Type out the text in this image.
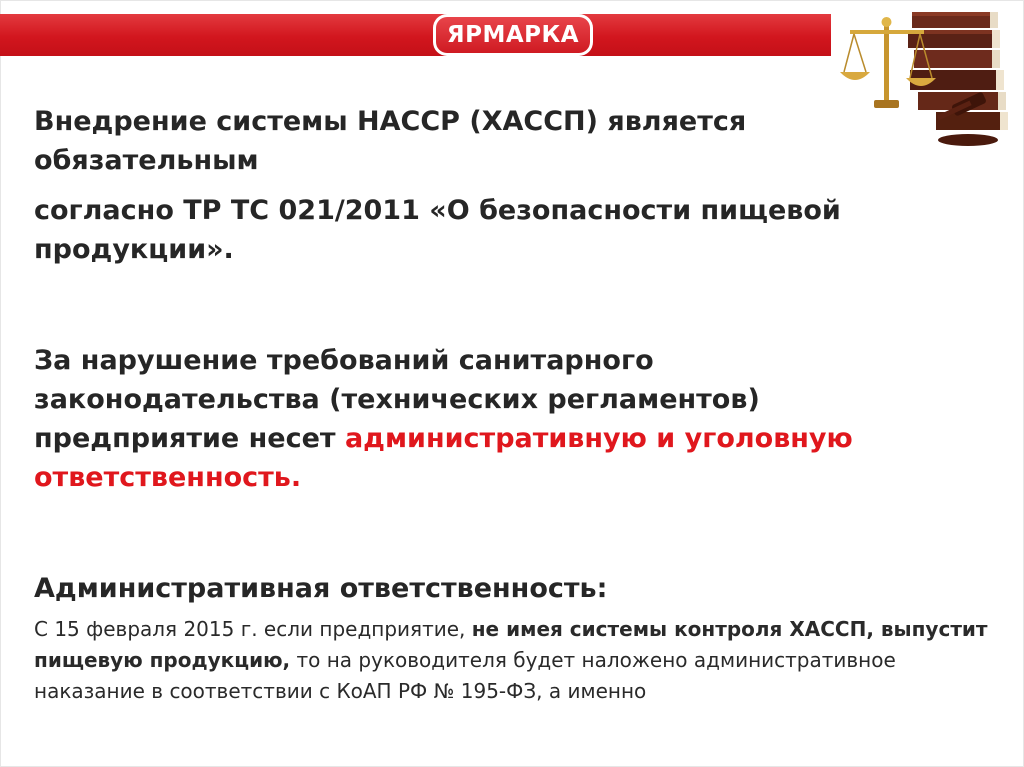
ЯРМАРКА

Внедрение системы НАССР (ХАССП) является
обязательным

согласно ТР ТС 021/2011 «О безопасности пищевой
продукции».

За нарушение требований санитарного
законодательства (технических регламентов)
предприятие несет административную и уголовную
ответственность.

Административная ответственность:

С 15 февраля 2015 г. если предприятие, не имея системы контроля ХАССП, выпустит пищевую продукцию, то на руководителя будет наложено административное наказание в соответствии с КоАП РФ № 195-ФЗ, а именно
